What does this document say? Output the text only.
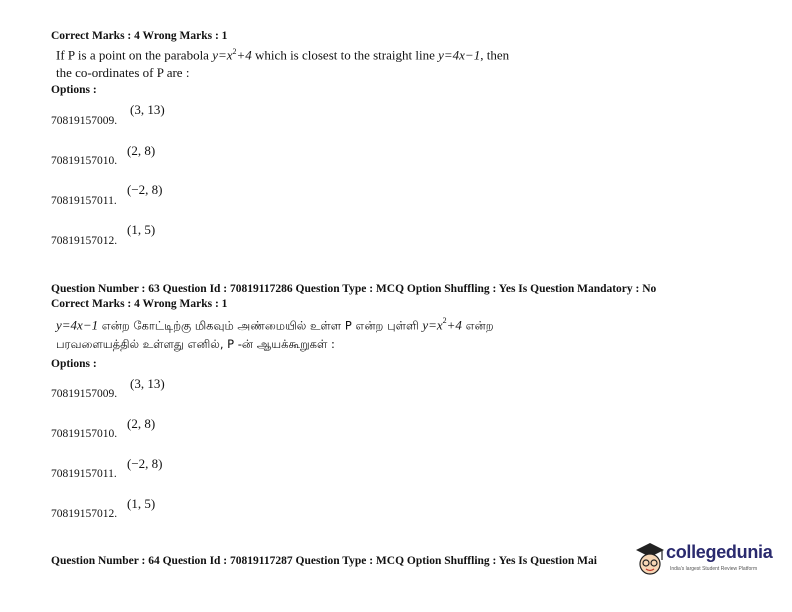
Correct Marks : 4 Wrong Marks : 1
If P is a point on the parabola $y=x^2+4$ which is closest to the straight line y=4x−1, then
the co-ordinates of P are :
Options :
70819157009.
(3, 13)
70819157010.
(2, 8)
70819157011.
(−2, 8)
70819157012.
(1, 5)
Question Number : 63 Question Id : 70819117286 Question Type : MCQ Option Shuffling : Yes Is Question Mandatory : No
Correct Marks : 4 Wrong Marks : 1
y=4x−1 என்ற கோட்டிற்கு மிகவும் அண்மையில் உள்ள P என்ற புள்ளி $y=x^2+4$ என்ற
பரவளையத்தில் உள்ளது எனில், P -ன் ஆயக்கூறுகள் :
Options :
70819157009.
(3, 13)
70819157010.
(2, 8)
70819157011.
(−2, 8)
70819157012.
(1, 5)
Question Number : 64 Question Id : 70819117287 Question Type : MCQ Option Shuffling : Yes Is Question Mai	collegedunia
India's largest Student Review Platform
